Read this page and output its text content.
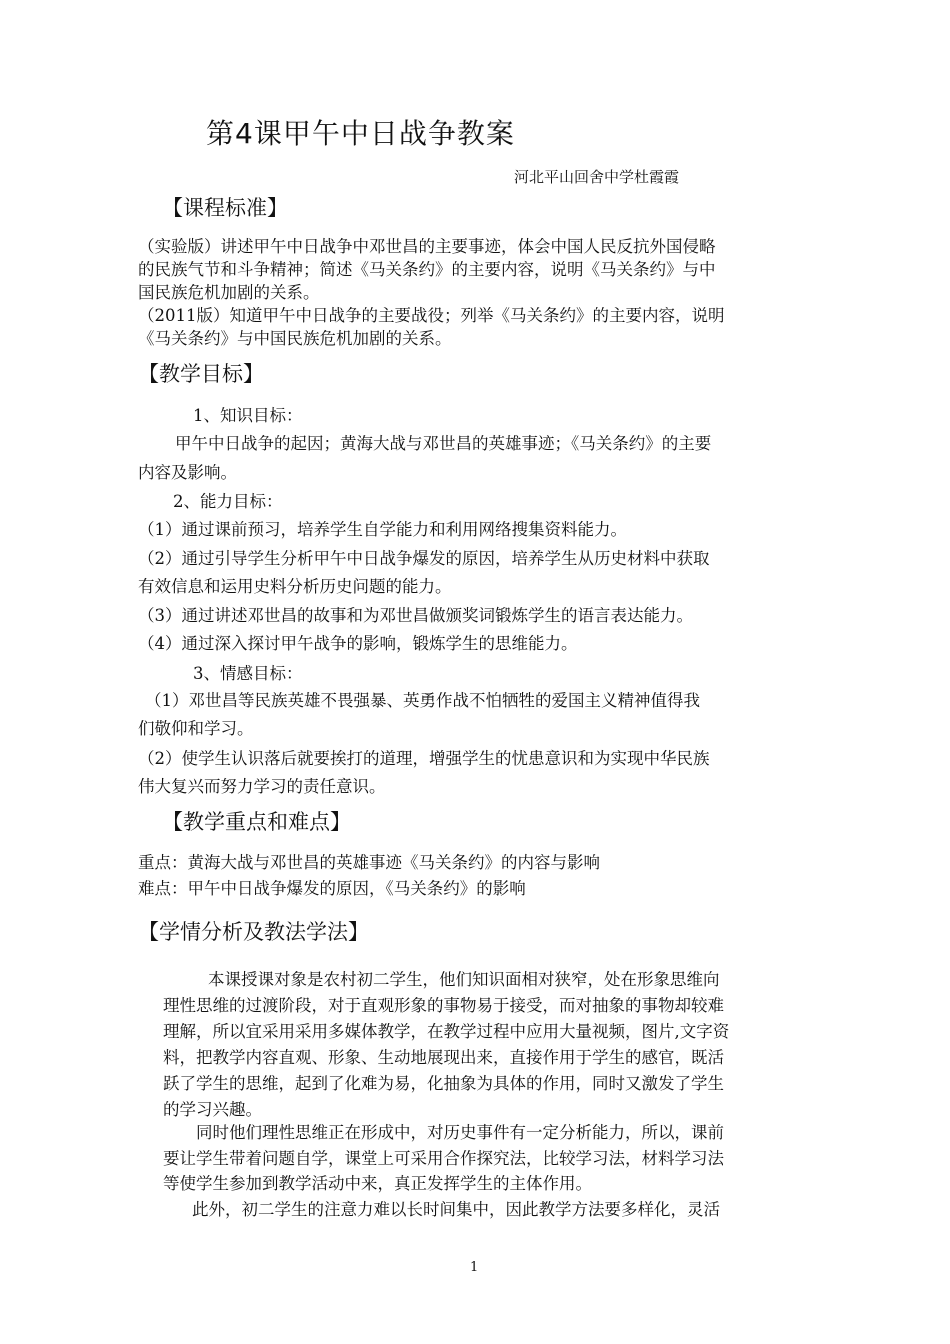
第4课甲午中日战争教案
河北平山回舍中学杜霞霞
【课程标准】
（实验版）讲述甲午中日战争中邓世昌的主要事迹，体会中国人民反抗外国侵略
的民族气节和斗争精神；简述《马关条约》的主要内容，说明《马关条约》与中
国民族危机加剧的关系。
（2011版）知道甲午中日战争的主要战役；列举《马关条约》的主要内容，说明
《马关条约》与中国民族危机加剧的关系。
【教学目标】
1、知识目标：
甲午中日战争的起因；黄海大战与邓世昌的英雄事迹；《马关条约》的主要
内容及影响。
2、能力目标：
（1）通过课前预习，培养学生自学能力和利用网络搜集资料能力。
（2）通过引导学生分析甲午中日战争爆发的原因，培养学生从历史材料中获取
有效信息和运用史料分析历史问题的能力。
（3）通过讲述邓世昌的故事和为邓世昌做颁奖词锻炼学生的语言表达能力。
（4）通过深入探讨甲午战争的影响，锻炼学生的思维能力。
3、情感目标：
（1）邓世昌等民族英雄不畏强暴、英勇作战不怕牺牲的爱国主义精神值得我
们敬仰和学习。
（2）使学生认识落后就要挨打的道理，增强学生的忧患意识和为实现中华民族
伟大复兴而努力学习的责任意识。
【教学重点和难点】
重点：黄海大战与邓世昌的英雄事迹《马关条约》的内容与影响
难点：甲午中日战争爆发的原因，《马关条约》的影响
【学情分析及教法学法】
本课授课对象是农村初二学生，他们知识面相对狭窄，处在形象思维向
理性思维的过渡阶段，对于直观形象的事物易于接受，而对抽象的事物却较难
理解，所以宜采用采用多媒体教学，在教学过程中应用大量视频，图片,文字资
料，把教学内容直观、形象、生动地展现出来，直接作用于学生的感官，既活
跃了学生的思维，起到了化难为易，化抽象为具体的作用，同时又激发了学生
的学习兴趣。
同时他们理性思维正在形成中，对历史事件有一定分析能力，所以，课前
要让学生带着问题自学，课堂上可采用合作探究法，比较学习法，材料学习法
等使学生参加到教学活动中来，真正发挥学生的主体作用。
此外，初二学生的注意力难以长时间集中，因此教学方法要多样化，灵活
1
